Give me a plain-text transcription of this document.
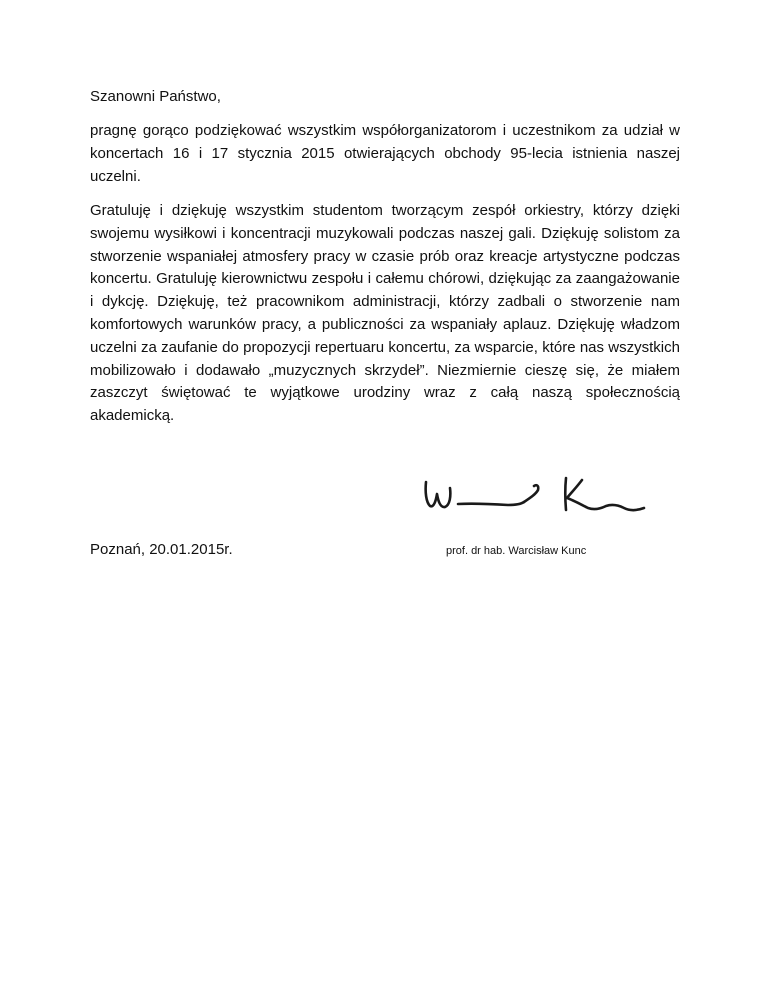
Szanowni Państwo,

pragnę gorąco podziękować wszystkim współorganizatorom i uczestnikom za udział w koncertach 16 i 17 stycznia 2015 otwierających obchody 95-lecia istnienia naszej uczelni.

Gratuluję i dziękuję wszystkim studentom tworzącym zespół orkiestry, którzy dzięki swojemu wysiłkowi i koncentracji muzykowali podczas naszej gali. Dziękuję solistom za stworzenie wspaniałej atmosfery pracy w czasie prób oraz kreacje artystyczne podczas koncertu. Gratuluję kierownictwu zespołu i całemu chórowi, dziękując za zaangażowanie i dykcję. Dziękuję, też pracownikom administracji, którzy zadbali o stworzenie nam komfortowych warunków pracy, a publiczności za wspaniały aplauz. Dziękuję władzom uczelni za zaufanie do propozycji repertuaru koncertu, za wsparcie, które nas wszystkich mobilizowało i dodawało „muzycznych skrzydeł”. Niezmiernie cieszę się, że miałem zaszczyt świętować te wyjątkowe urodziny wraz z całą naszą społecznością akademicką.

Poznań, 20.01.2015r.	prof. dr hab. Warcisław Kunc
